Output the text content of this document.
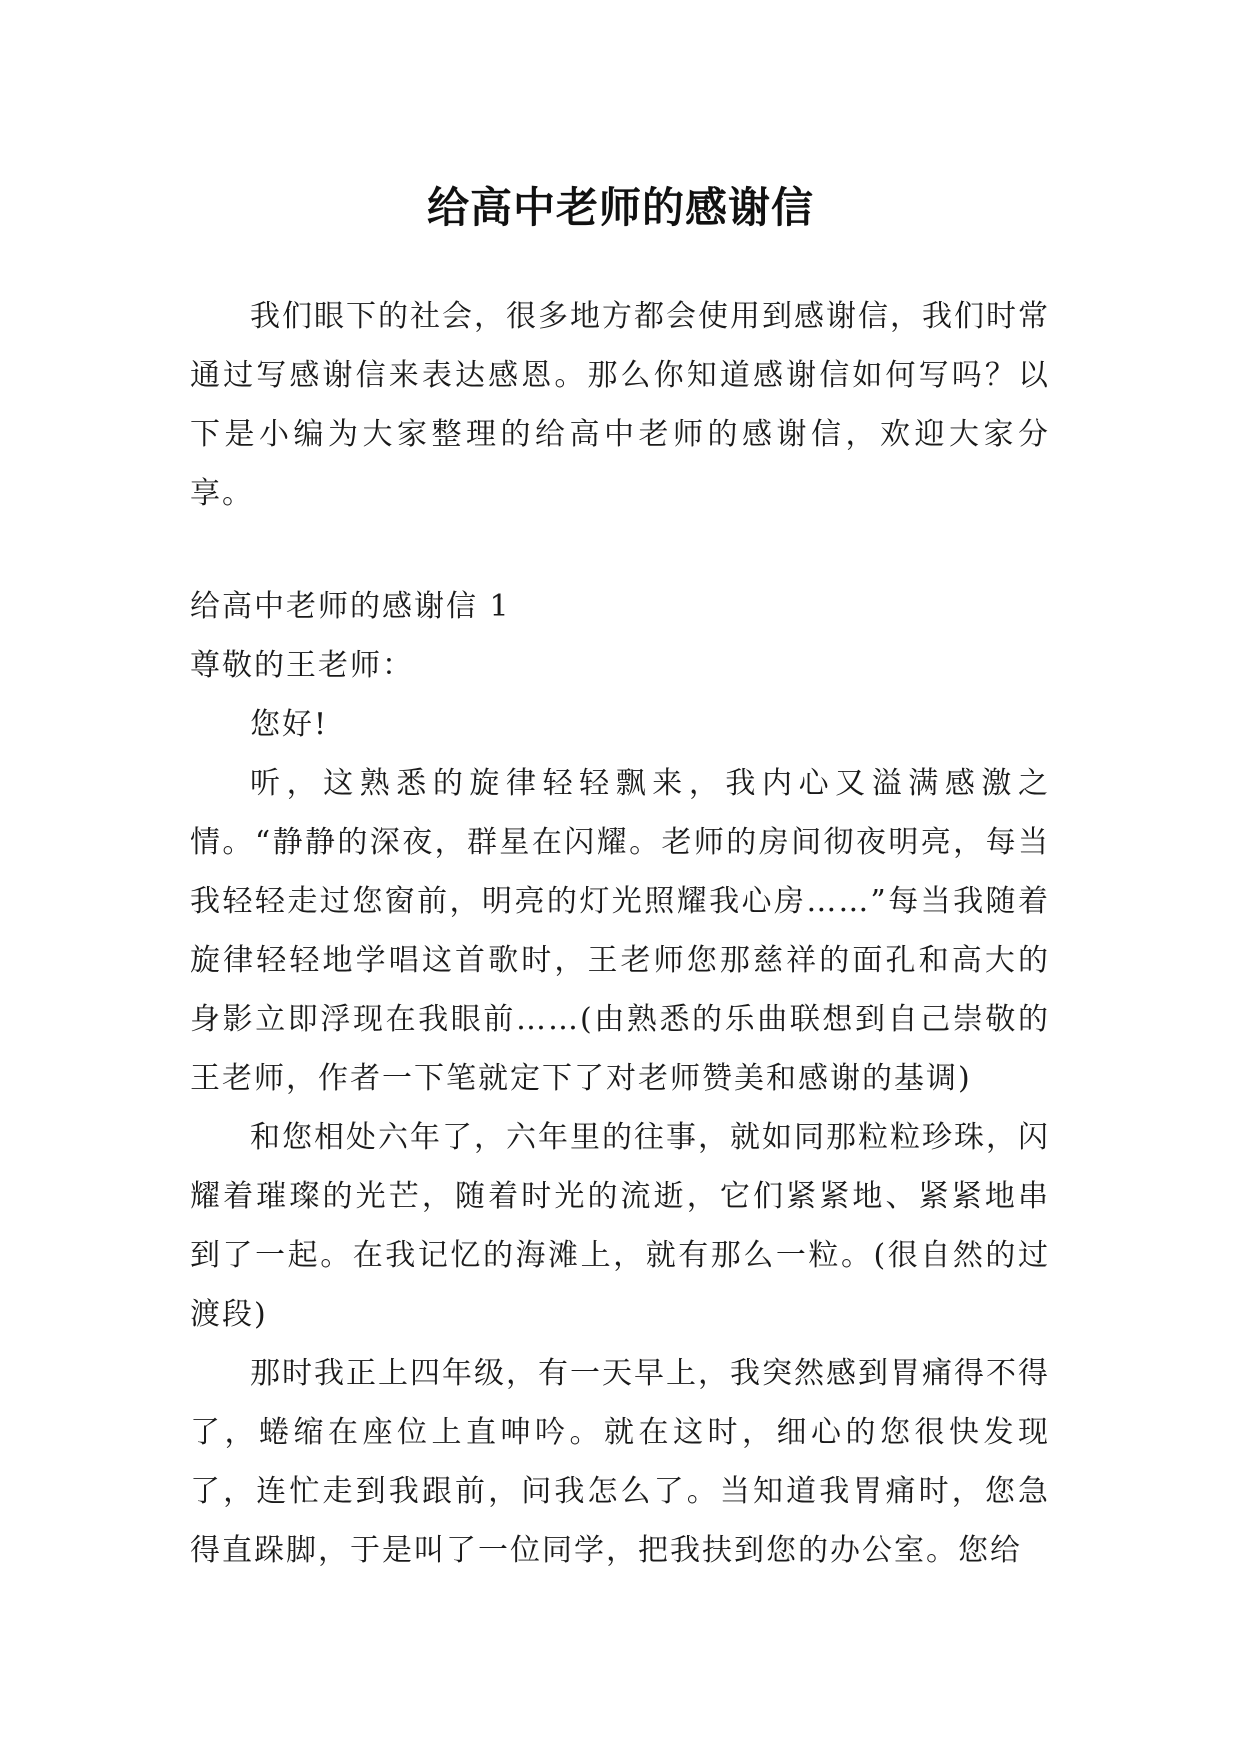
给高中老师的感谢信

我们眼下的社会，很多地方都会使用到感谢信，我们时常通过写感谢信来表达感恩。那么你知道感谢信如何写吗？以下是小编为大家整理的给高中老师的感谢信，欢迎大家分享。

给高中老师的感谢信 1

尊敬的王老师：

您好!

听，这熟悉的旋律轻轻飘来，我内心又溢满感激之情。“静静的深夜，群星在闪耀。老师的房间彻夜明亮，每当我轻轻走过您窗前，明亮的灯光照耀我心房……”每当我随着旋律轻轻地学唱这首歌时，王老师您那慈祥的面孔和高大的身影立即浮现在我眼前……(由熟悉的乐曲联想到自己崇敬的王老师，作者一下笔就定下了对老师赞美和感谢的基调)

和您相处六年了，六年里的往事，就如同那粒粒珍珠，闪耀着璀璨的光芒，随着时光的流逝，它们紧紧地、紧紧地串到了一起。在我记忆的海滩上，就有那么一粒。(很自然的过渡段)

那时我正上四年级，有一天早上，我突然感到胃痛得不得了，蜷缩在座位上直呻吟。就在这时，细心的您很快发现了，连忙走到我跟前，问我怎么了。当知道我胃痛时，您急得直跺脚，于是叫了一位同学，把我扶到您的办公室。您给
